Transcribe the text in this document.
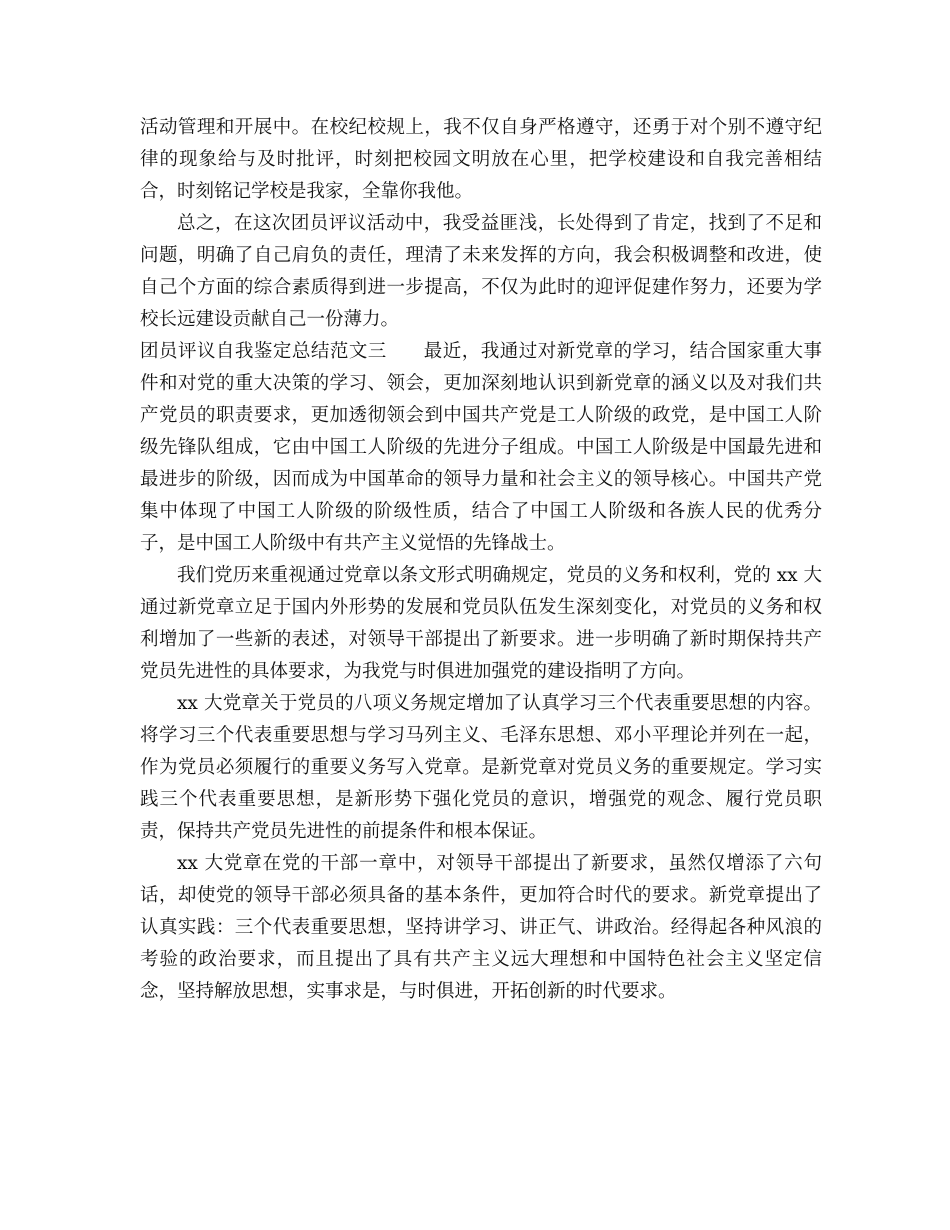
活动管理和开展中。在校纪校规上，我不仅自身严格遵守，还勇于对个别不遵守纪律的现象给与及时批评，时刻把校园文明放在心里，把学校建设和自我完善相结合，时刻铭记学校是我家，全靠你我他。

总之，在这次团员评议活动中，我受益匪浅，长处得到了肯定，找到了不足和问题，明确了自己肩负的责任，理清了未来发挥的方向，我会积极调整和改进，使自己个方面的综合素质得到进一步提高，不仅为此时的迎评促建作努力，还要为学校长远建设贡献自己一份薄力。

团员评议自我鉴定总结范文三 最近，我通过对新党章的学习，结合国家重大事件和对党的重大决策的学习、领会，更加深刻地认识到新党章的涵义以及对我们共产党员的职责要求，更加透彻领会到中国共产党是工人阶级的政党，是中国工人阶级先锋队组成，它由中国工人阶级的先进分子组成。中国工人阶级是中国最先进和最进步的阶级，因而成为中国革命的领导力量和社会主义的领导核心。中国共产党集中体现了中国工人阶级的阶级性质，结合了中国工人阶级和各族人民的优秀分子，是中国工人阶级中有共产主义觉悟的先锋战士。

我们党历来重视通过党章以条文形式明确规定，党员的义务和权利，党的 xx 大通过新党章立足于国内外形势的发展和党员队伍发生深刻变化，对党员的义务和权利增加了一些新的表述，对领导干部提出了新要求。进一步明确了新时期保持共产党员先进性的具体要求，为我党与时俱进加强党的建设指明了方向。

xx 大党章关于党员的八项义务规定增加了认真学习三个代表重要思想的内容。将学习三个代表重要思想与学习马列主义、毛泽东思想、邓小平理论并列在一起，作为党员必须履行的重要义务写入党章。是新党章对党员义务的重要规定。学习实践三个代表重要思想，是新形势下强化党员的意识，增强党的观念、履行党员职责，保持共产党员先进性的前提条件和根本保证。

xx 大党章在党的干部一章中，对领导干部提出了新要求，虽然仅增添了六句话，却使党的领导干部必须具备的基本条件，更加符合时代的要求。新党章提出了认真实践：三个代表重要思想，坚持讲学习、讲正气、讲政治。经得起各种风浪的考验的政治要求，而且提出了具有共产主义远大理想和中国特色社会主义坚定信念，坚持解放思想，实事求是，与时俱进，开拓创新的时代要求。
